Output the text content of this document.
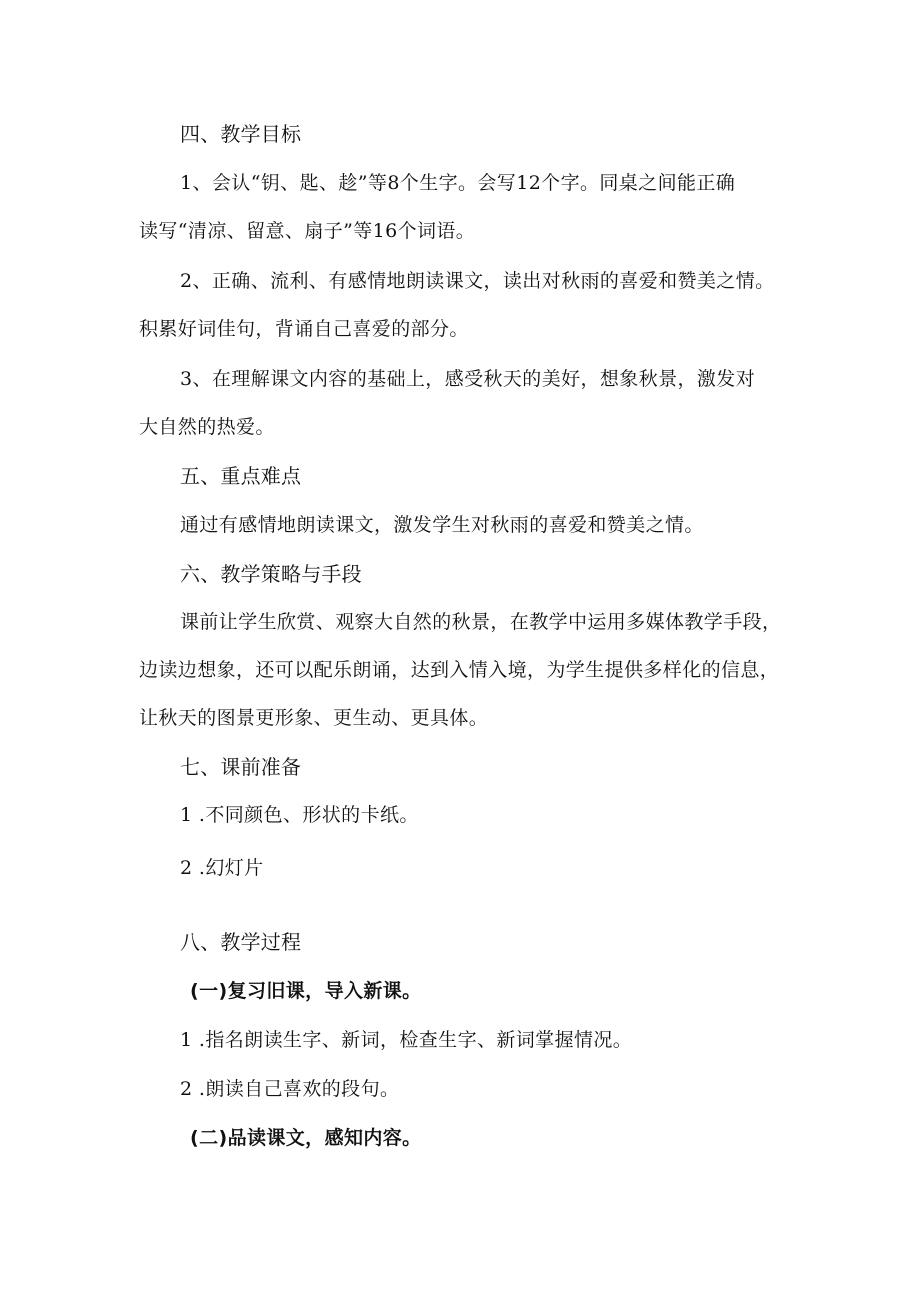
四、教学目标
1、会认“钥、匙、趁”等8个生字。会写12个字。同桌之间能正确
读写“清凉、留意、扇子”等16个词语。
2、正确、流利、有感情地朗读课文，读出对秋雨的喜爱和赞美之情。
积累好词佳句，背诵自己喜爱的部分。
3、在理解课文内容的基础上，感受秋天的美好，想象秋景，激发对
大自然的热爱。
五、重点难点
通过有感情地朗读课文，激发学生对秋雨的喜爱和赞美之情。
六、教学策略与手段
课前让学生欣赏、观察大自然的秋景，在教学中运用多媒体教学手段，
边读边想象，还可以配乐朗诵，达到入情入境，为学生提供多样化的信息，
让秋天的图景更形象、更生动、更具体。
七、课前准备
1 .不同颜色、形状的卡纸。
2 .幻灯片
八、教学过程
(一)复习旧课，导入新课。
1 .指名朗读生字、新词，检查生字、新词掌握情况。
2 .朗读自己喜欢的段句。
(二)品读课文，感知内容。
